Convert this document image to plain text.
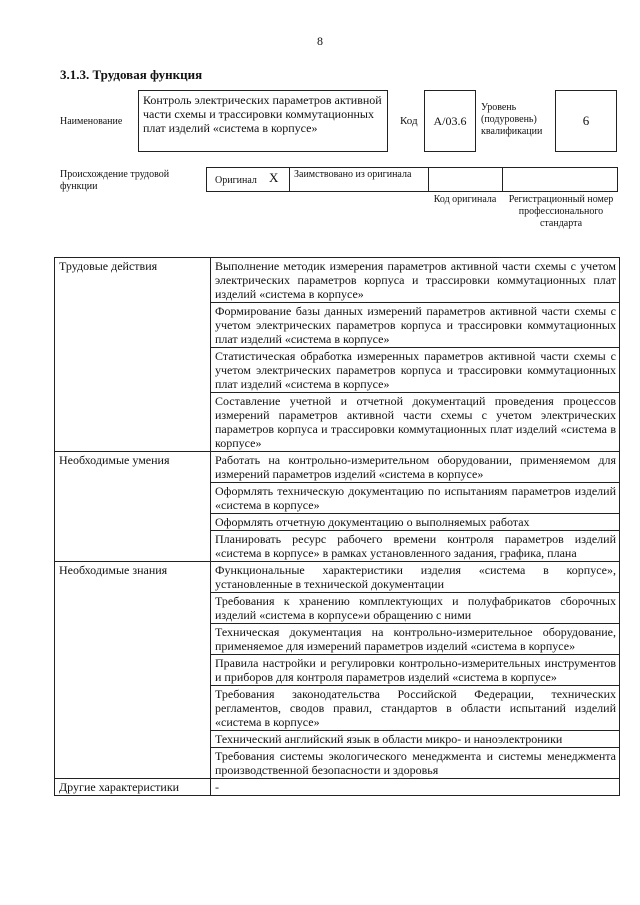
8
3.1.3. Трудовая функция
Наименование
Контроль электрических параметров активной части схемы и трассировки коммутационных плат изделий «система в корпусе»	Код A/03.6
Уровень (подуровень) квалификации
6
Происхождение трудовой функции
Оригинал X	Заимствовано из оригинала
Код оригинала	Регистрационный номер профессионального стандарта
Трудовые действия	Выполнение методик измерения параметров активной части схемы с учетом электрических параметров корпуса и трассировки коммутационных плат изделий «система в корпусе»
	Формирование базы данных измерений параметров активной части схемы с учетом электрических параметров корпуса и трассировки коммутационных плат изделий «система в корпусе»
	Статистическая обработка измеренных параметров активной части схемы с учетом электрических параметров корпуса и трассировки коммутационных плат изделий «система в корпусе»
	Составление учетной и отчетной документаций проведения процессов измерений параметров активной части схемы с учетом электрических параметров корпуса и трассировки коммутационных плат изделий «система в корпусе»
Необходимые умения	Работать на контрольно-измерительном оборудовании, применяемом для измерений параметров изделий «система в корпусе»
	Оформлять техническую документацию по испытаниям параметров изделий «система в корпусе»
	Оформлять отчетную документацию о выполняемых работах
	Планировать ресурс рабочего времени контроля параметров изделий «система в корпусе» в рамках установленного задания, графика, плана
Необходимые знания	Функциональные характеристики изделия «система в корпусе», установленные в технической документации
	Требования к хранению комплектующих и полуфабрикатов сборочных изделий «система в корпусе»и обращению с ними
	Техническая документация на контрольно-измерительное оборудование, применяемое для измерений параметров изделий «система в корпусе»
	Правила настройки и регулировки контрольно-измерительных инструментов и приборов для контроля параметров изделий «система в корпусе»
	Требования законодательства Российской Федерации, технических регламентов, сводов правил, стандартов в области испытаний изделий «система в корпусе»
	Технический английский язык в области микро- и наноэлектроники
	Требования системы экологического менеджмента и системы менеджмента производственной безопасности и здоровья
Другие характеристики	-
